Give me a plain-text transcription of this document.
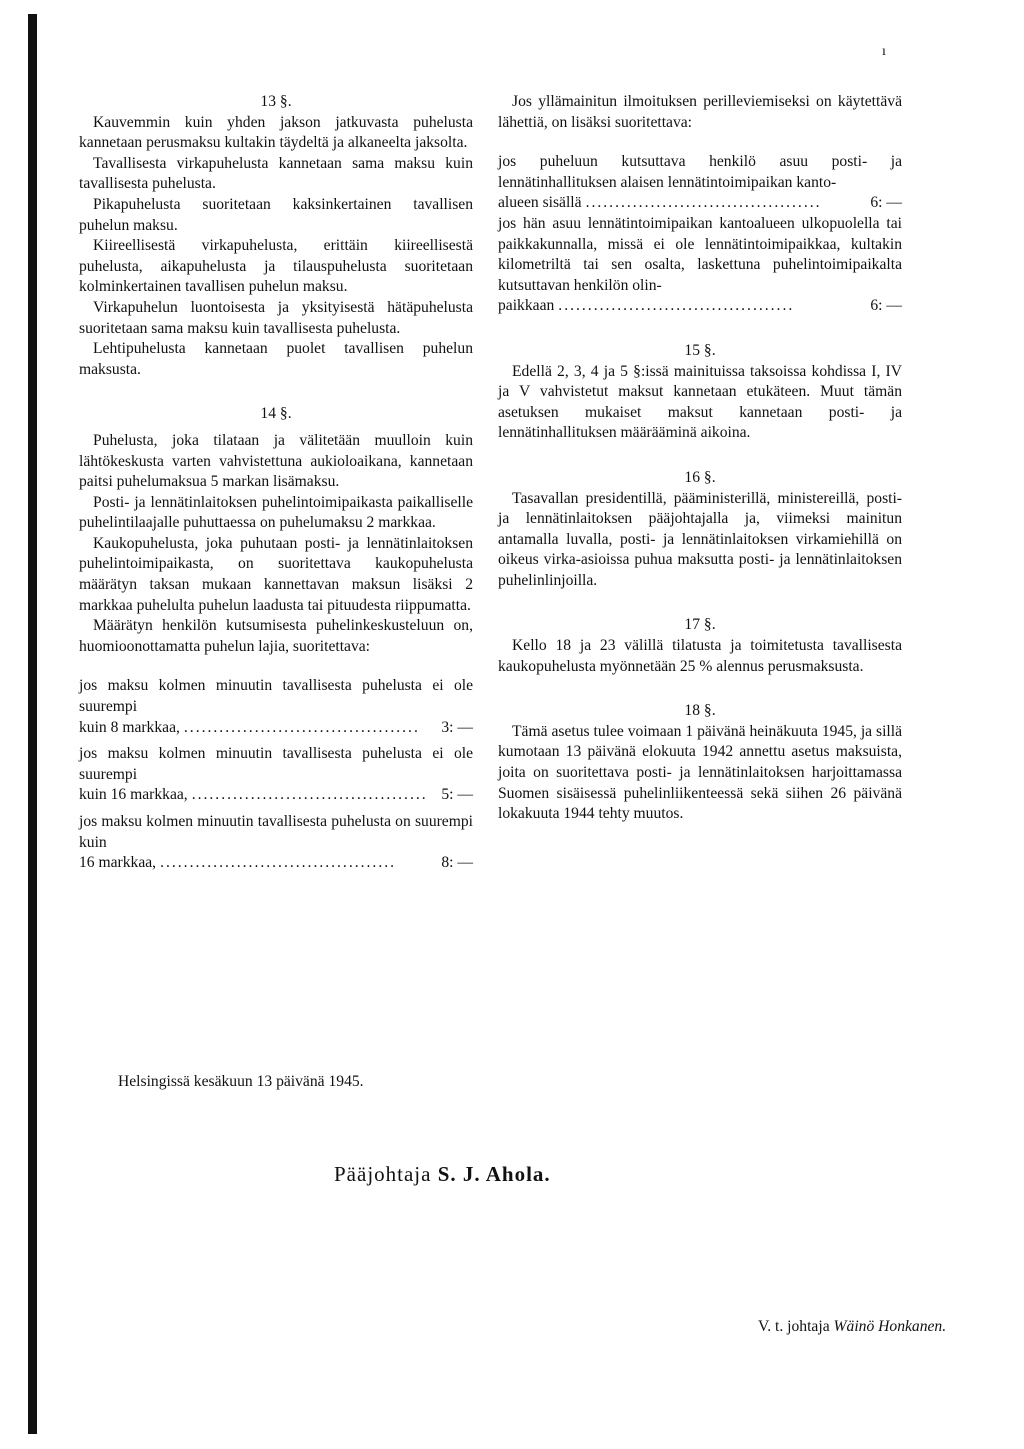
ı

13 §.

Kauvemmin kuin yhden jakson jatkuvasta puhelusta kannetaan perusmaksu kultakin täydeltä ja alkaneelta jaksolta.

Tavallisesta virkapuhelusta kannetaan sama maksu kuin tavallisesta puhelusta.

Pikapuhelusta suoritetaan kaksinkertainen tavallisen puhelun maksu.

Kiireellisestä virkapuhelusta, erittäin kiireellisestä puhelusta, aikapuhelusta ja tilauspuhelusta suoritetaan kolminkertainen tavallisen puhelun maksu.

Virkapuhelun luontoisesta ja yksityisestä hätäpuhelusta suoritetaan sama maksu kuin tavallisesta puhelusta.

Lehtipuhelusta kannetaan puolet tavallisen puhelun maksusta.

14 §.

Puhelusta, joka tilataan ja välitetään muulloin kuin lähtökeskusta varten vahvistettuna aukioloaikana, kannetaan paitsi puhelumaksua 5 markan lisämaksu.

Posti- ja lennätinlaitoksen puhelintoimipaikasta paikalliselle puhelintilaajalle puhuttaessa on puhelumaksu 2 markkaa.

Kaukopuhelusta, joka puhutaan posti- ja lennätinlaitoksen puhelintoimipaikasta, on suoritettava kaukopuhelusta määrätyn taksan mukaan kannettavan maksun lisäksi 2 markkaa puhelulta puhelun laadusta tai pituudesta riippumatta.

Määrätyn henkilön kutsumisesta puhelinkeskusteluun on, huomioonottamatta puhelun lajia, suoritettava:

jos maksu kolmen minuutin tavallisesta puhelusta ei ole suurempi

kuin 8 markkaa, ........................................	3: —

jos maksu kolmen minuutin tavallisesta puhelusta ei ole suurempi

kuin 16 markkaa, ........................................ 5: —

jos maksu kolmen minuutin tavallisesta puhelusta on suurempi kuin

16 markkaa, ........................................	8: —

Jos yllämainitun ilmoituksen perilleviemiseksi on käytettävä lähettiä, on lisäksi suoritettava:

jos puheluun kutsuttava henkilö asuu posti- ja lennätinhallituksen alaisen lennätintoimipaikan kanto-

alueen sisällä ........................................	6: —

jos hän asuu lennätintoimipaikan kantoalueen ulkopuolella tai paikkakunnalla, missä ei ole lennätintoimipaikkaa, kultakin kilometriltä tai sen osalta, laskettuna puhelintoimipaikalta kutsuttavan henkilön olin-

paikkaan ........................................	6: —

15 §.

Edellä 2, 3, 4 ja 5 §:issä mainituissa taksoissa kohdissa I, IV ja V vahvistetut maksut kannetaan etukäteen. Muut tämän asetuksen mukaiset maksut kannetaan posti- ja lennätinhallituksen määrääminä aikoina.

16 §.

Tasavallan presidentillä, pääministerillä, ministereillä, posti- ja lennätinlaitoksen pääjohtajalla ja, viimeksi mainitun antamalla luvalla, posti- ja lennätinlaitoksen virkamiehillä on oikeus virka-asioissa puhua maksutta posti- ja lennätinlaitoksen puhelinlinjoilla.

17 §.

Kello 18 ja 23 välillä tilatusta ja toimitetusta tavallisesta kaukopuhelusta myönnetään 25 % alennus perusmaksusta.

18 §.

Tämä asetus tulee voimaan 1 päivänä heinäkuuta 1945, ja sillä kumotaan 13 päivänä elokuuta 1942 annettu asetus maksuista, joita on suoritettava posti- ja lennätinlaitoksen harjoittamassa Suomen sisäisessä puhelinliikenteessä sekä siihen 26 päivänä lokakuuta 1944 tehty muutos.

Helsingissä kesäkuun 13 päivänä 1945.
Pääjohtaja S. J. Ahola.
V. t. johtaja Wäinö Honkanen.
